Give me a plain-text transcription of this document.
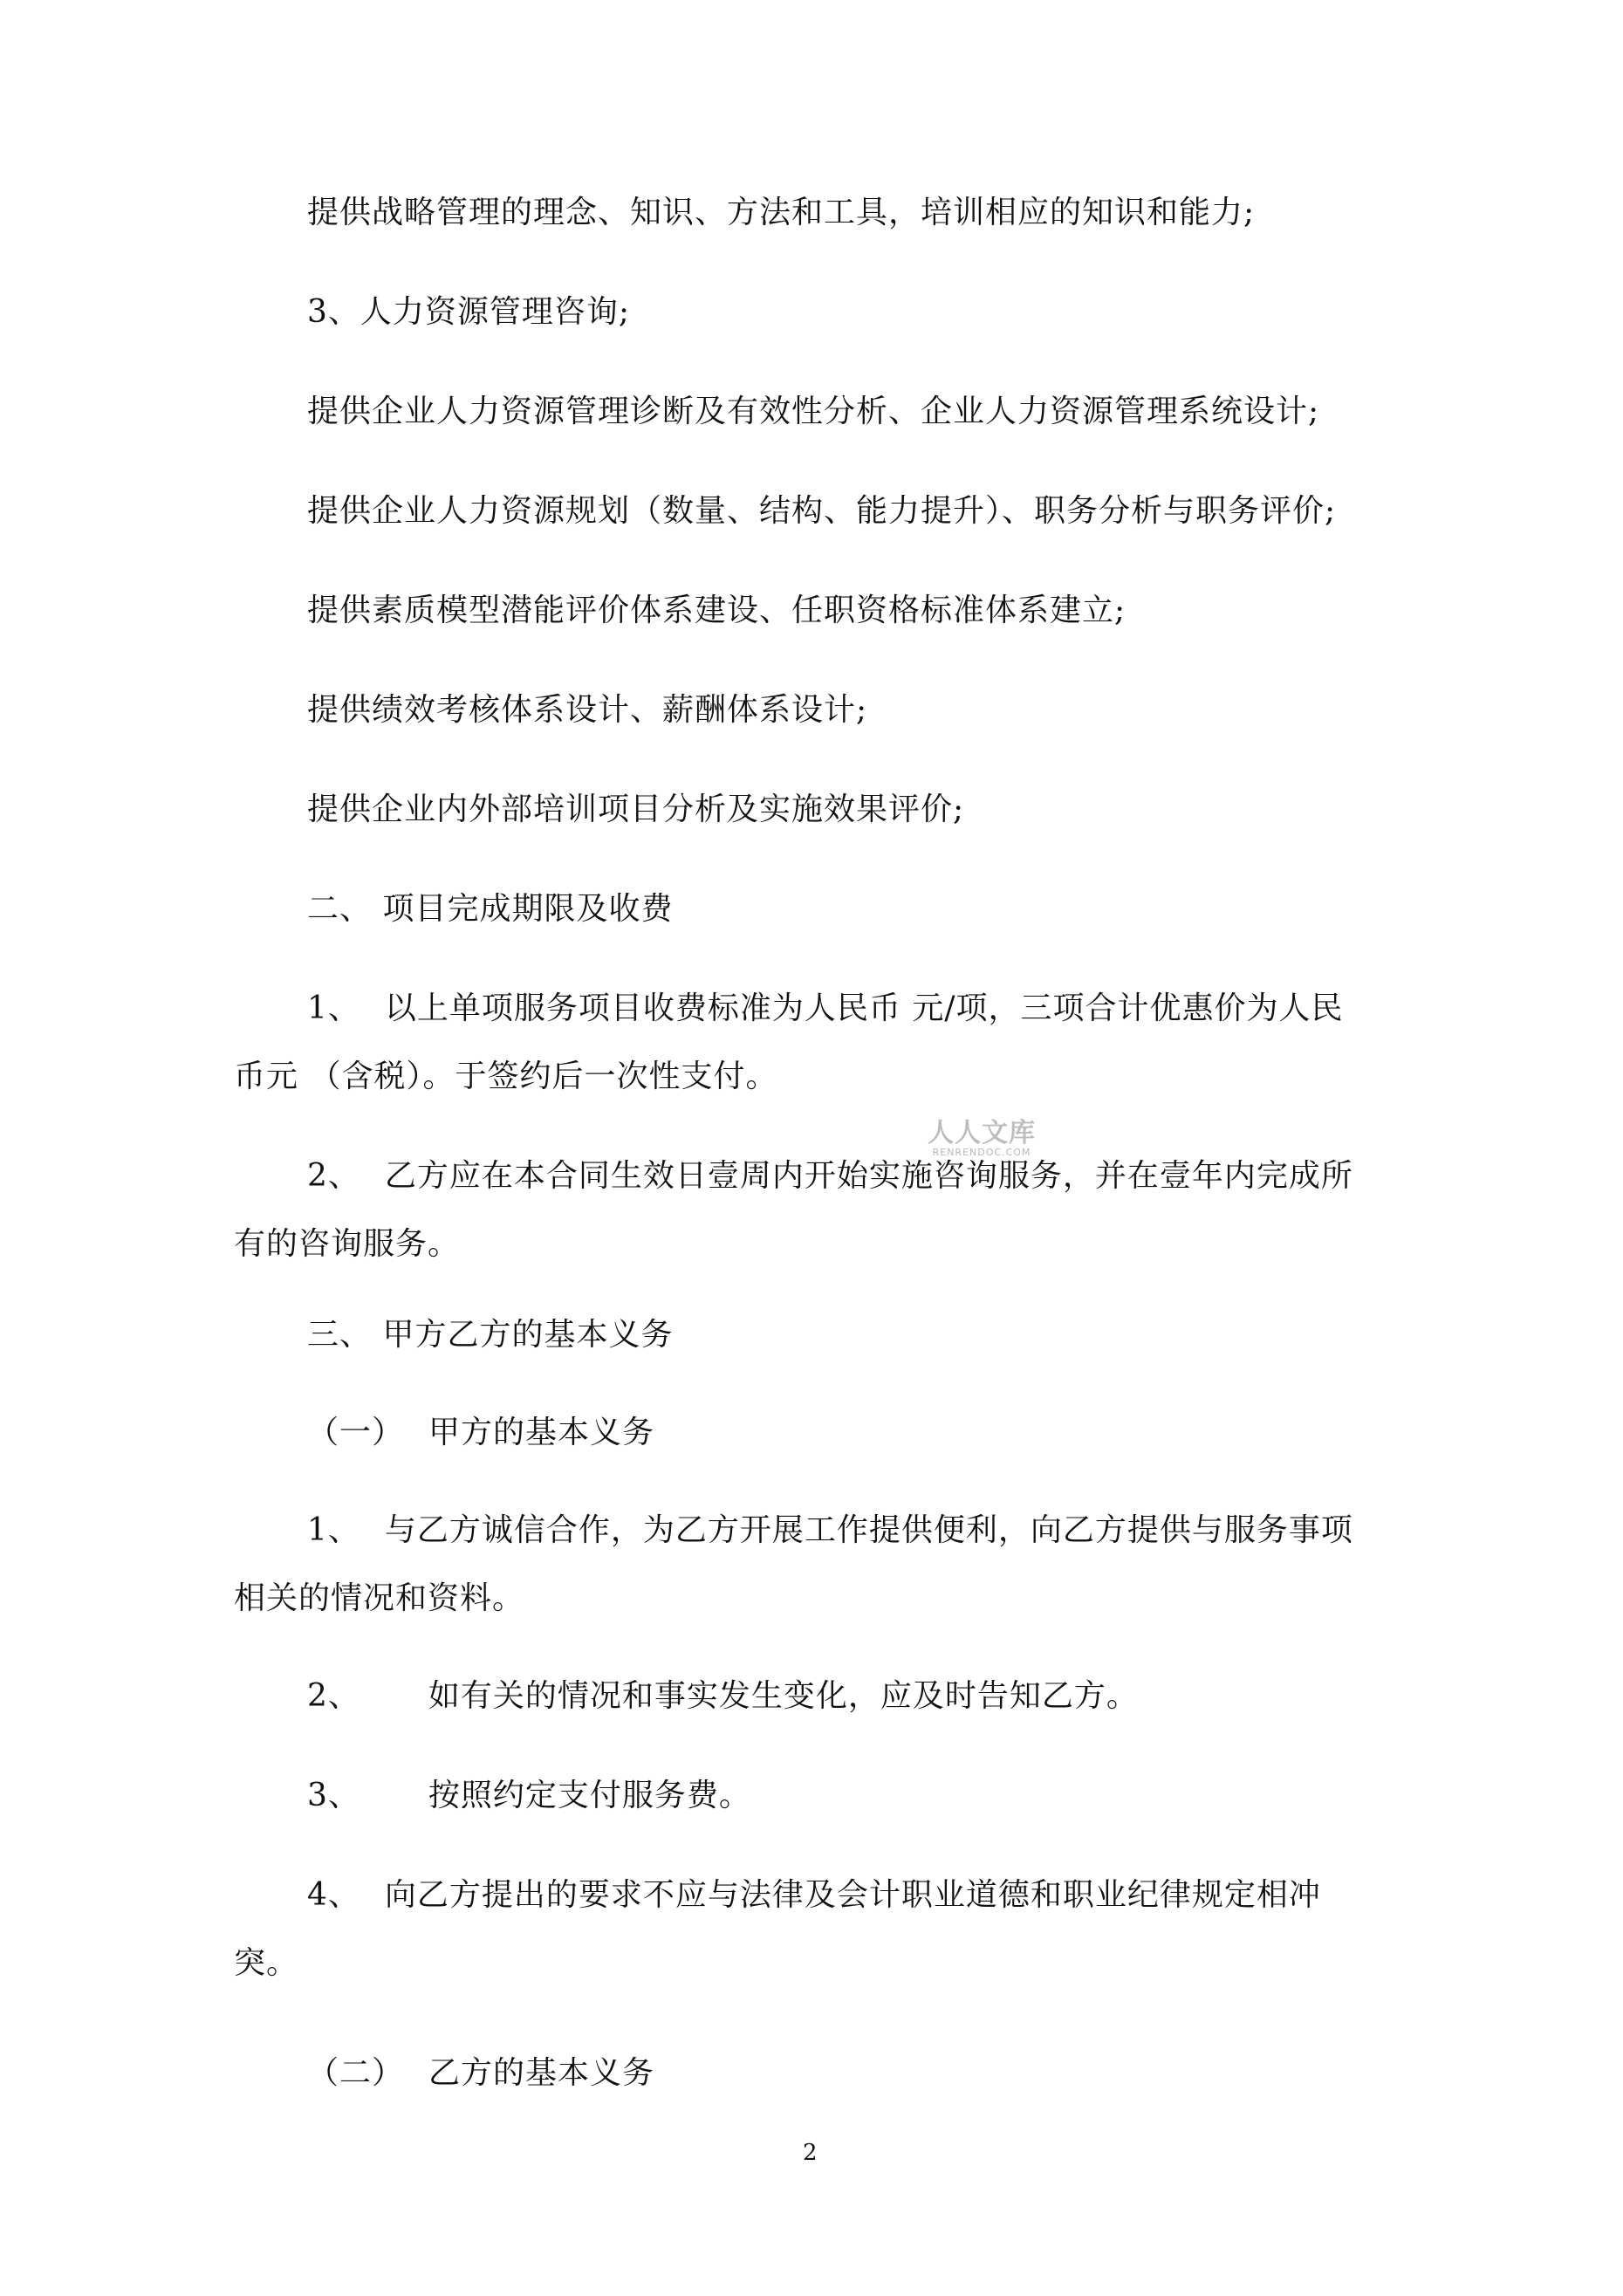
提供战略管理的理念、知识、方法和工具，培训相应的知识和能力;
3、人力资源管理咨询;
提供企业人力资源管理诊断及有效性分析、企业人力资源管理系统设计;
提供企业人力资源规划（数量、结构、能力提升）、职务分析与职务评价;
提供素质模型潜能评价体系建设、任职资格标准体系建立;
提供绩效考核体系设计、薪酬体系设计;
提供企业内外部培训项目分析及实施效果评价;
二、 项目完成期限及收费
1、 以上单项服务项目收费标准为人民币 元/项，三项合计优惠价为人民
币元 （含税）。于签约后一次性支付。
2、 乙方应在本合同生效日壹周内开始实施咨询服务，并在壹年内完成所
有的咨询服务。
三、 甲方乙方的基本义务
（一） 甲方的基本义务
1、 与乙方诚信合作，为乙方开展工作提供便利，向乙方提供与服务事项
相关的情况和资料。
2、 如有关的情况和事实发生变化，应及时告知乙方。
3、 按照约定支付服务费。
4、 向乙方提出的要求不应与法律及会计职业道德和职业纪律规定相冲
突。
（二） 乙方的基本义务
人人文库
RENRENDOC.COM
2
